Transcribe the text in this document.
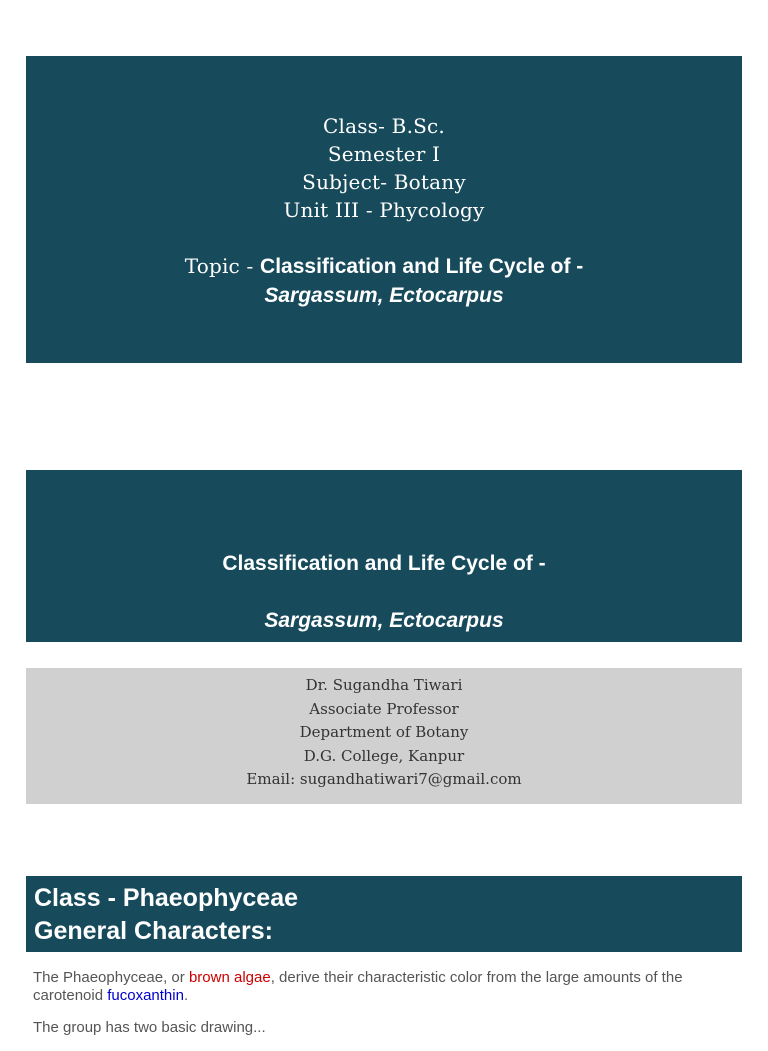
Class- B.Sc.
Semester I
Subject- Botany
Unit III - Phycology
Topic - Classification and Life Cycle of -
Sargassum, Ectocarpus
Classification and Life Cycle of -
Sargassum, Ectocarpus
Dr. Sugandha Tiwari
Associate Professor
Department of Botany
D.G. College, Kanpur
Email: sugandhatiwari7@gmail.com
Class - Phaeophyceae
General Characters:

The Phaeophyceae, or brown algae, derive their characteristic color from the large amounts of the carotenoid fucoxanthin.

The group has two basic drawing...
